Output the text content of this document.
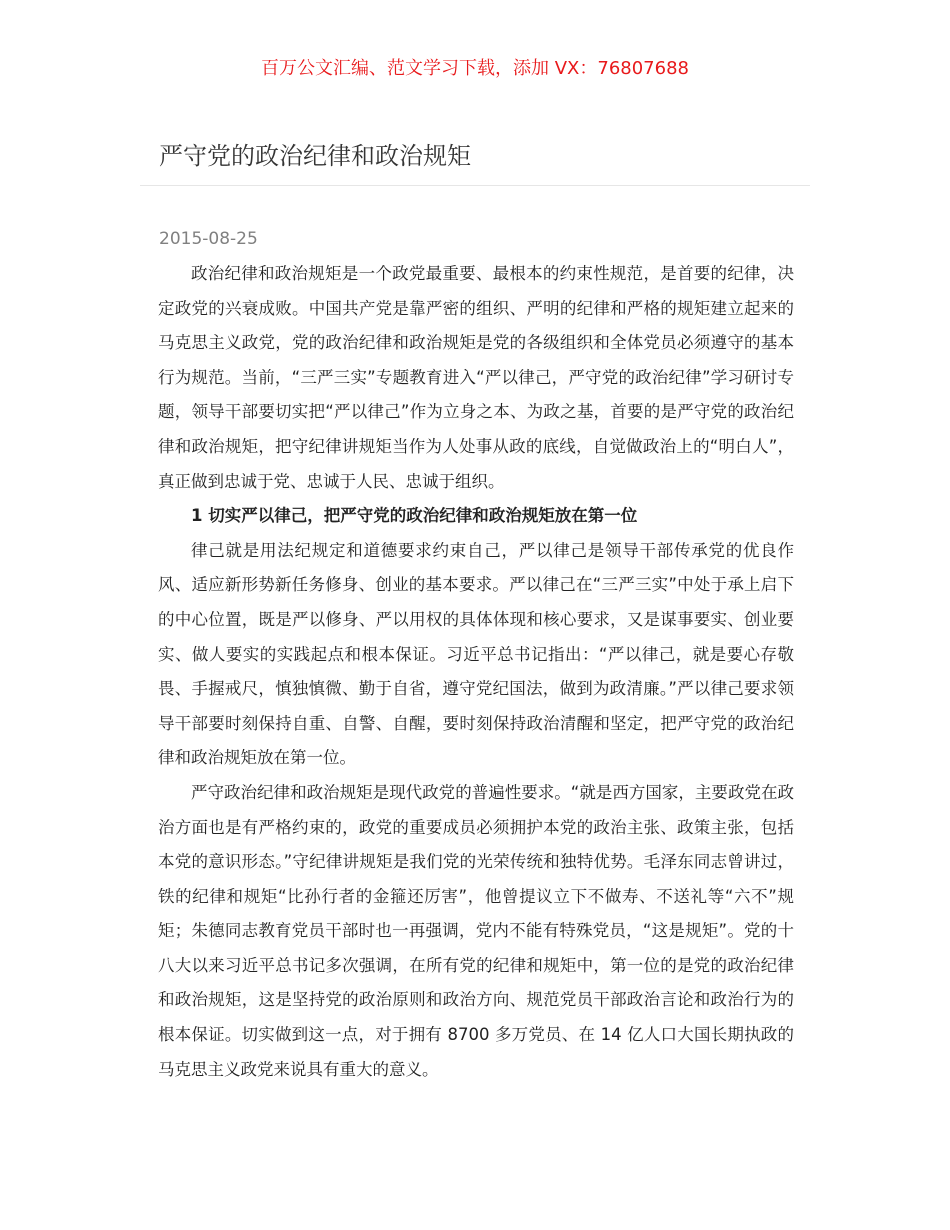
百万公文汇编、范文学习下载，添加 VX：76807688
严守党的政治纪律和政治规矩
2015-08-25

政治纪律和政治规矩是一个政党最重要、最根本的约束性规范，是首要的纪律，决定政党的兴衰成败。中国共产党是靠严密的组织、严明的纪律和严格的规矩建立起来的马克思主义政党，党的政治纪律和政治规矩是党的各级组织和全体党员必须遵守的基本行为规范。当前，“三严三实”专题教育进入“严以律己，严守党的政治纪律”学习研讨专题，领导干部要切实把“严以律己”作为立身之本、为政之基，首要的是严守党的政治纪律和政治规矩，把守纪律讲规矩当作为人处事从政的底线，自觉做政治上的“明白人”，真正做到忠诚于党、忠诚于人民、忠诚于组织。

1 切实严以律己，把严守党的政治纪律和政治规矩放在第一位

律己就是用法纪规定和道德要求约束自己，严以律己是领导干部传承党的优良作风、适应新形势新任务修身、创业的基本要求。严以律己在“三严三实”中处于承上启下的中心位置，既是严以修身、严以用权的具体体现和核心要求，又是谋事要实、创业要实、做人要实的实践起点和根本保证。习近平总书记指出：“严以律己，就是要心存敬畏、手握戒尺，慎独慎微、勤于自省，遵守党纪国法，做到为政清廉。”严以律己要求领导干部要时刻保持自重、自警、自醒，要时刻保持政治清醒和坚定，把严守党的政治纪律和政治规矩放在第一位。

严守政治纪律和政治规矩是现代政党的普遍性要求。“就是西方国家，主要政党在政治方面也是有严格约束的，政党的重要成员必须拥护本党的政治主张、政策主张，包括本党的意识形态。”守纪律讲规矩是我们党的光荣传统和独特优势。毛泽东同志曾讲过，铁的纪律和规矩“比孙行者的金箍还厉害”，他曾提议立下不做寿、不送礼等“六不”规矩；朱德同志教育党员干部时也一再强调，党内不能有特殊党员，“这是规矩”。党的十八大以来习近平总书记多次强调，在所有党的纪律和规矩中，第一位的是党的政治纪律和政治规矩，这是坚持党的政治原则和政治方向、规范党员干部政治言论和政治行为的根本保证。切实做到这一点，对于拥有 8700 多万党员、在 14 亿人口大国长期执政的马克思主义政党来说具有重大的意义。
